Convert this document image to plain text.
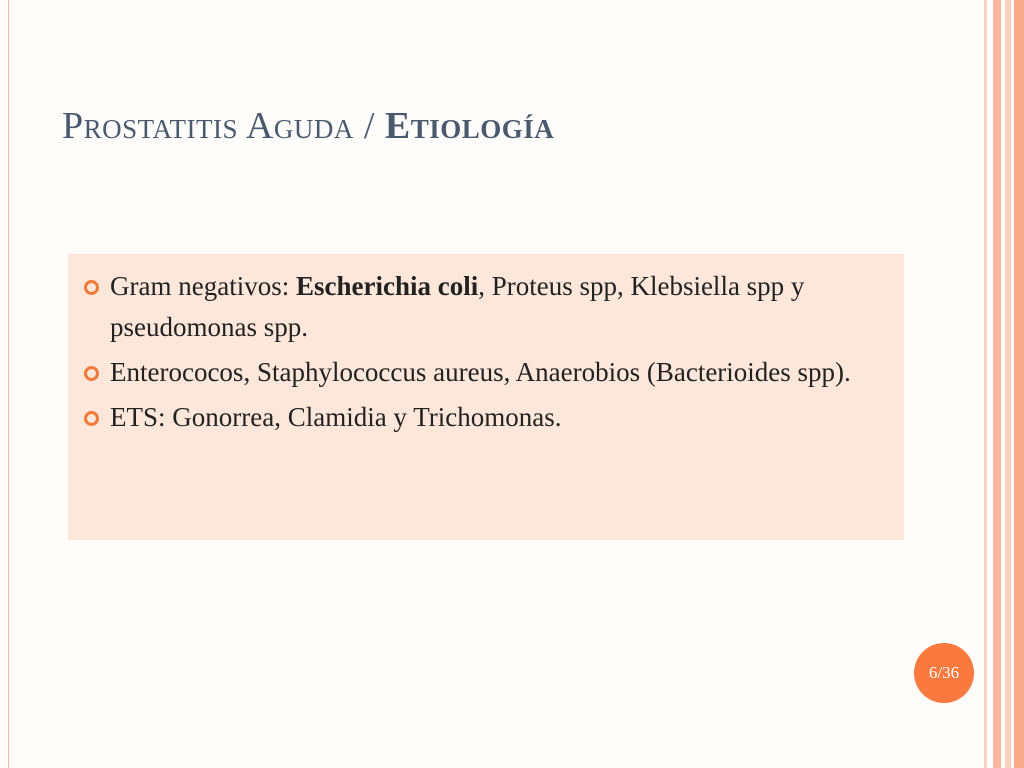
Prostatitis Aguda / Etiología
Gram negativos: Escherichia coli, Proteus spp, Klebsiella spp y pseudomonas spp.
Enterococos, Staphylococcus aureus, Anaerobios (Bacterioides spp).
ETS: Gonorrea, Clamidia y Trichomonas.
6/36
